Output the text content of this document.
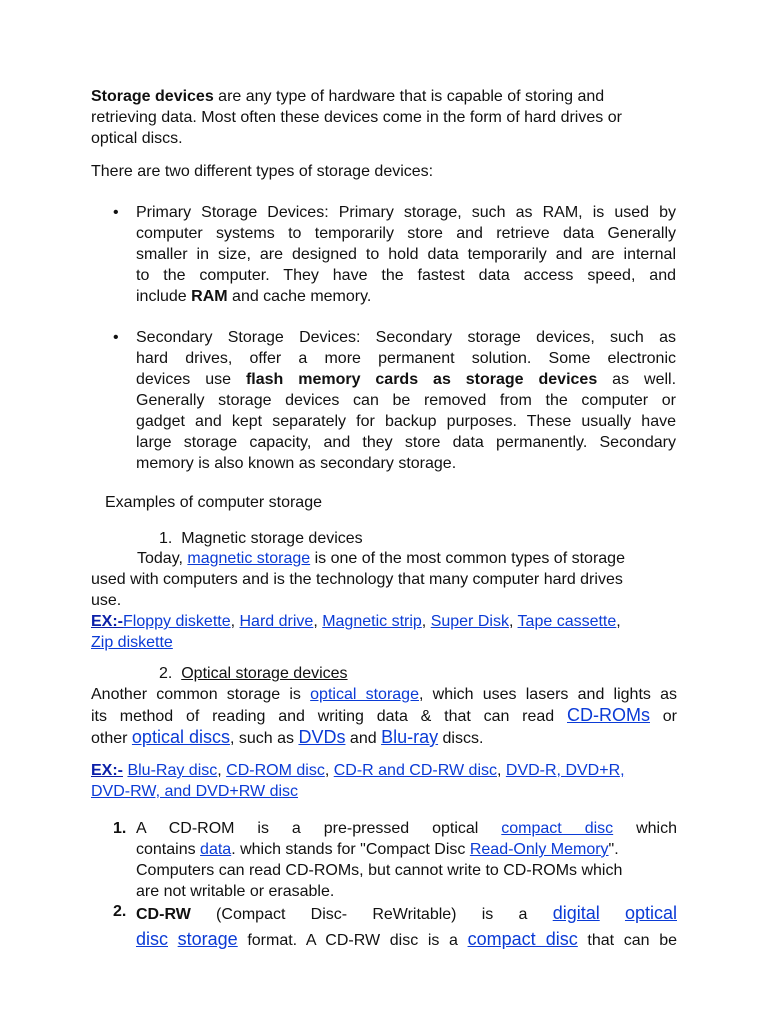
Storage devices are any type of hardware that is capable of storing and
retrieving data. Most often these devices come in the form of hard drives or
optical discs.
There are two different types of storage devices:
• Primary Storage Devices: Primary storage, such as RAM, is used by
computer systems to temporarily store and retrieve data Generally
smaller in size, are designed to hold data temporarily and are internal
to the computer. They have the fastest data access speed, and
include RAM and cache memory.
• Secondary Storage Devices: Secondary storage devices, such as
hard drives, offer a more permanent solution. Some electronic
devices use flash memory cards as storage devices as well.
Generally storage devices can be removed from the computer or
gadget and kept separately for backup purposes. These usually have
large storage capacity, and they store data permanently. Secondary
memory is also known as secondary storage.
Examples of computer storage
1. Magnetic storage devices
Today, magnetic storage is one of the most common types of storage
used with computers and is the technology that many computer hard drives
use.
EX:-Floppy diskette, Hard drive, Magnetic strip, Super Disk, Tape cassette,
Zip diskette
2. Optical storage devices
Another common storage is optical storage, which uses lasers and lights as
its method of reading and writing data & that can read CD-ROMs or
other optical discs, such as DVDs and Blu-ray discs.
EX:- Blu-Ray disc, CD-ROM disc, CD-R and CD-RW disc, DVD-R, DVD+R,
DVD-RW, and DVD+RW disc
1. A CD-ROM is a pre-pressed optical compact disc which
contains data. which stands for "Compact Disc Read-Only Memory".
Computers can read CD-ROMs, but cannot write to CD-ROMs which
are not writable or erasable.
2. CD-RW (Compact Disc- ReWritable) is a digital optical
disc storage format. A CD-RW disc is a compact disc that can be
